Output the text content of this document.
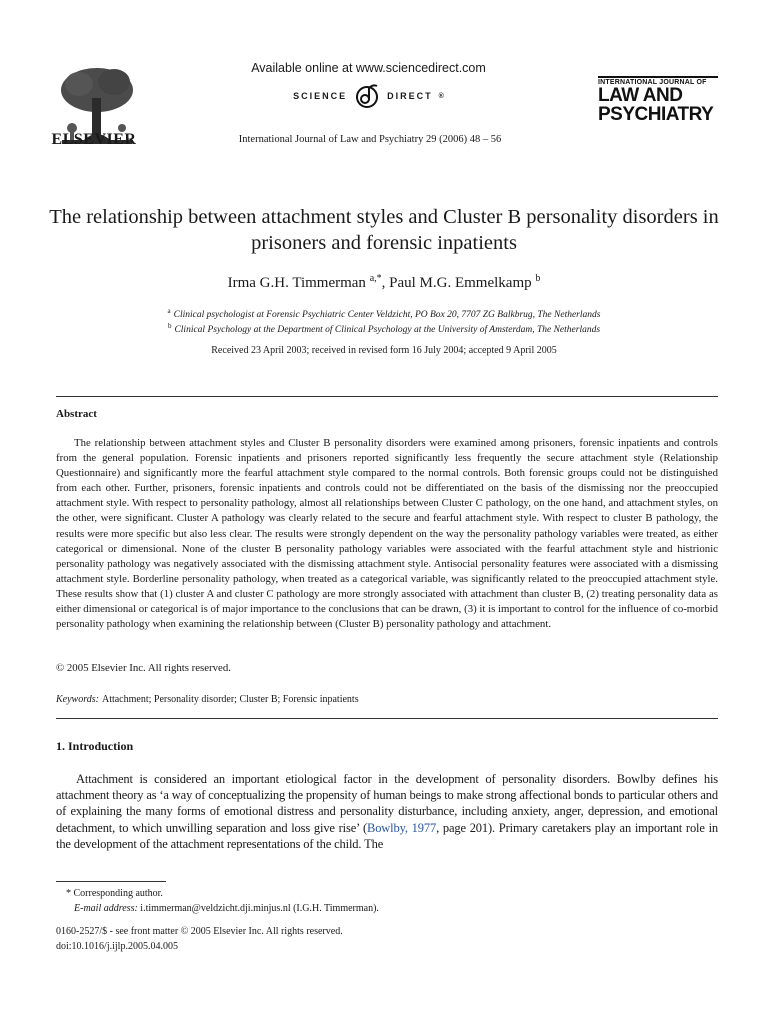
ELSEVIER
Available online at www.sciencedirect.com
SCIENCE	DIRECT ®
International Journal of Law and Psychiatry 29 (2006) 48 – 56
INTERNATIONAL JOURNAL OF
LAW AND
PSYCHIATRY
The relationship between attachment styles and Cluster B personality disorders in prisoners and forensic inpatients
Irma G.H. Timmerman $^{a,*}$, Paul M.G. Emmelkamp $^b$
$^a$ Clinical psychologist at Forensic Psychiatric Center Veldzicht, PO Box 20, 7707 ZG Balkbrug, The Netherlands
$^b$ Clinical Psychology at the Department of Clinical Psychology at the University of Amsterdam, The Netherlands
Received 23 April 2003; received in revised form 16 July 2004; accepted 9 April 2005
Abstract

The relationship between attachment styles and Cluster B personality disorders were examined among prisoners, forensic inpatients and controls from the general population. Forensic inpatients and prisoners reported significantly less frequently the secure attachment style (Relationship Questionnaire) and significantly more the fearful attachment style compared to the normal controls. Both forensic groups could not be distinguished from each other. Further, prisoners, forensic inpatients and controls could not be differentiated on the basis of the dismissing nor the preoccupied attachment style. With respect to personality pathology, almost all relationships between Cluster C pathology, on the one hand, and attachment styles, on the other, were significant. Cluster A pathology was clearly related to the secure and fearful attachment style. With respect to cluster B pathology, the results were more specific but also less clear. The results were strongly dependent on the way the personality pathology variables were treated, as either categorical or dimensional. None of the cluster B personality pathology variables were associated with the fearful attachment style and histrionic personality pathology was negatively associated with the dismissing attachment style. Antisocial personality features were associated with a dismissing attachment style. Borderline personality pathology, when treated as a categorical variable, was significantly related to the preoccupied attachment style. These results show that (1) cluster A and cluster C pathology are more strongly associated with attachment than cluster B, (2) treating personality data as either dimensional or categorical is of major importance to the conclusions that can be drawn, (3) it is important to control for the influence of co-morbid personality pathology when examining the relationship between (Cluster B) personality pathology and attachment.

© 2005 Elsevier Inc. All rights reserved.
Keywords: Attachment; Personality disorder; Cluster B; Forensic inpatients
1. Introduction

Attachment is considered an important etiological factor in the development of personality disorders. Bowlby defines his attachment theory as ‘a way of conceptualizing the propensity of human beings to make strong affectional bonds to particular others and of explaining the many forms of emotional distress and personality disturbance, including anxiety, anger, depression, and emotional detachment, to which unwilling separation and loss give rise’ (Bowlby, 1977, page 201). Primary caretakers play an important role in the development of the attachment representations of the child. The

* Corresponding author.
E-mail address: i.timmerman@veldzicht.dji.minjus.nl (I.G.H. Timmerman).
0160-2527/$ - see front matter © 2005 Elsevier Inc. All rights reserved.
doi:10.1016/j.ijlp.2005.04.005
